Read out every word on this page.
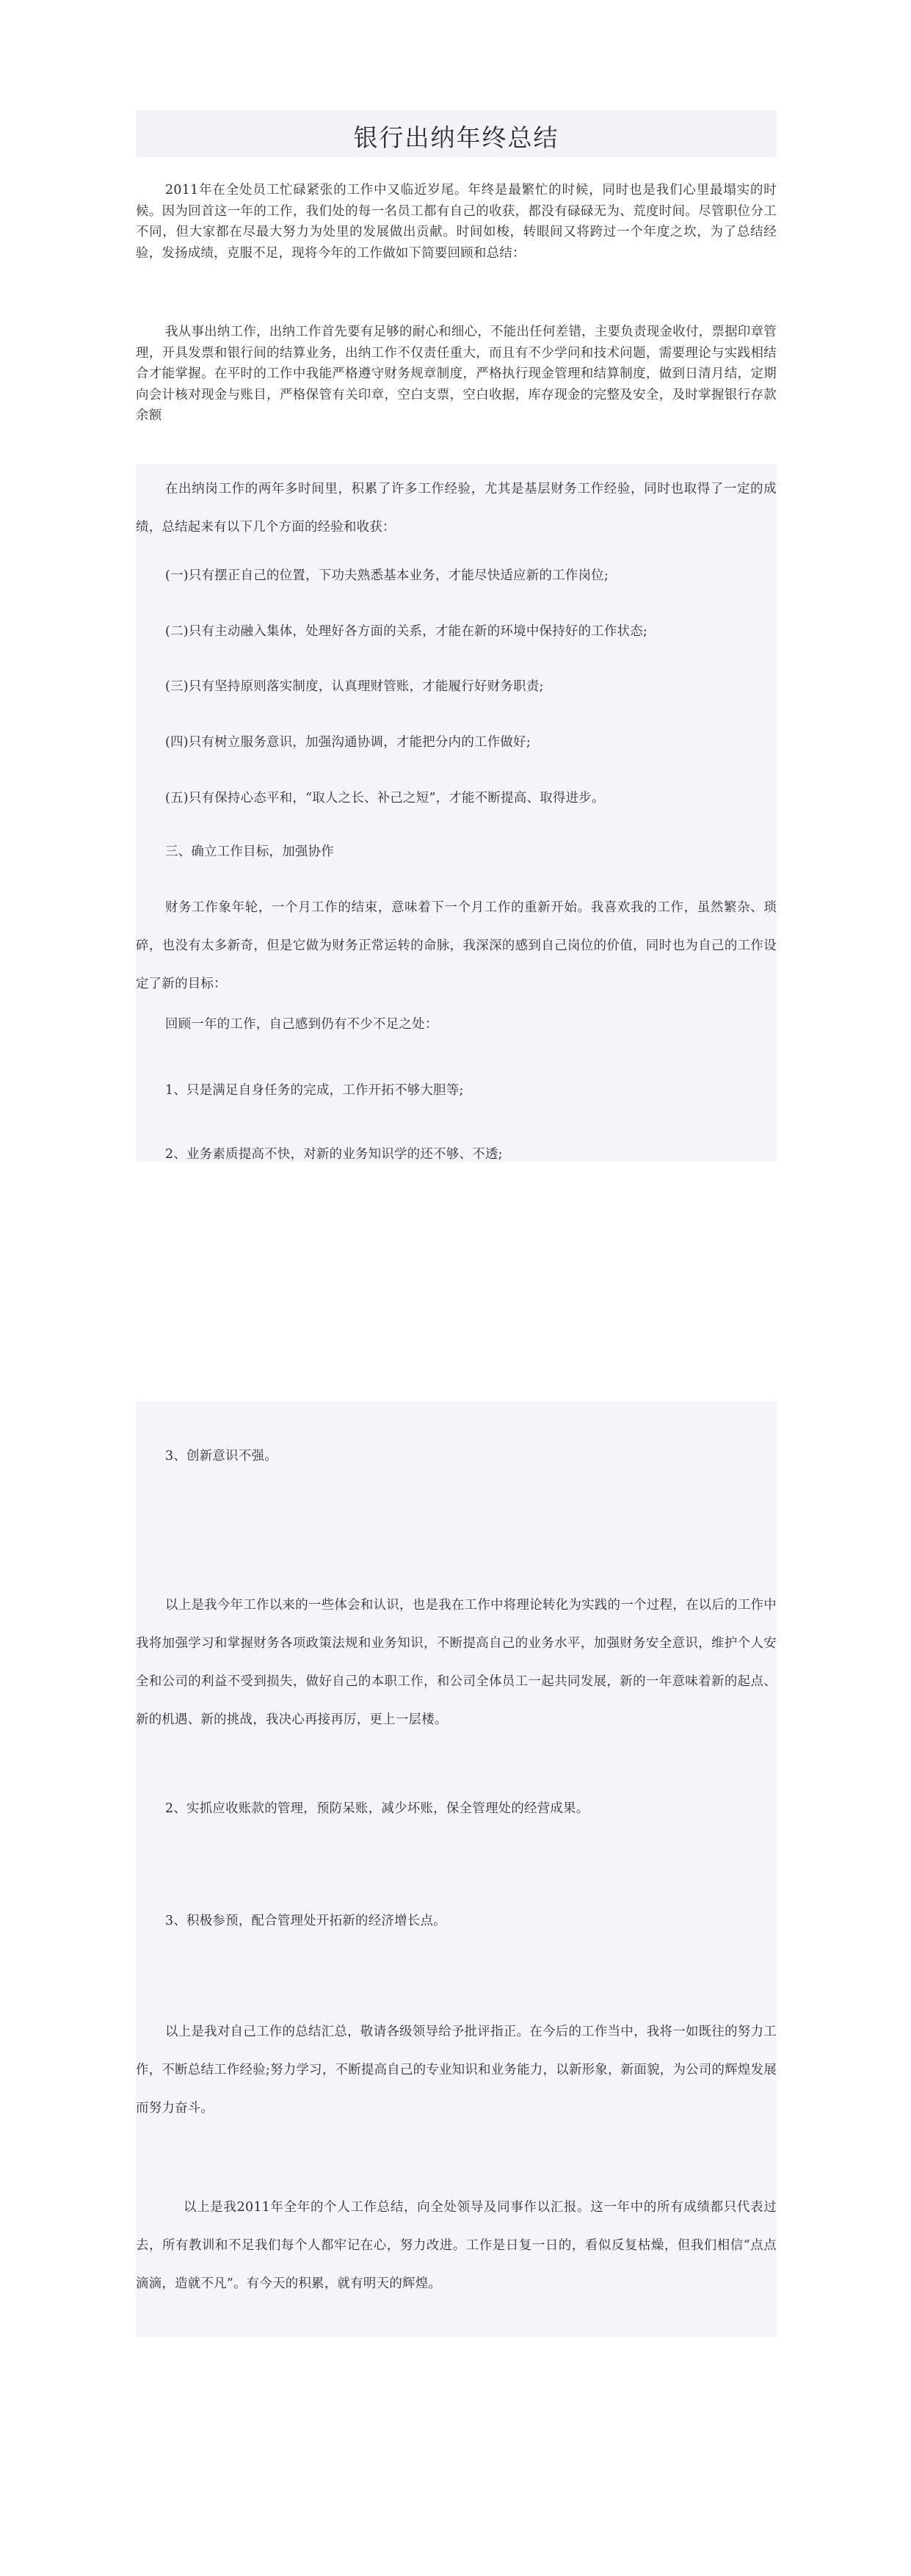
银行出纳年终总结
2011年在全处员工忙碌紧张的工作中又临近岁尾。年终是最繁忙的时候，同时也是我们心里最塌实的时候。因为回首这一年的工作，我们处的每一名员工都有自己的收获，都没有碌碌无为、荒度时间。尽管职位分工不同，但大家都在尽最大努力为处里的发展做出贡献。时间如梭，转眼间又将跨过一个年度之坎，为了总结经验，发扬成绩，克服不足，现将今年的工作做如下简要回顾和总结：
我从事出纳工作，出纳工作首先要有足够的耐心和细心，不能出任何差错，主要负责现金收付，票据印章管理，开具发票和银行间的结算业务，出纳工作不仅责任重大，而且有不少学问和技术问题，需要理论与实践相结合才能掌握。在平时的工作中我能严格遵守财务规章制度，严格执行现金管理和结算制度，做到日清月结，定期向会计核对现金与账目，严格保管有关印章，空白支票，空白收据，库存现金的完整及安全，及时掌握银行存款余额
在出纳岗工作的两年多时间里，积累了许多工作经验，尤其是基层财务工作经验，同时也取得了一定的成绩，总结起来有以下几个方面的经验和收获：
(一)只有摆正自己的位置，下功夫熟悉基本业务，才能尽快适应新的工作岗位;
(二)只有主动融入集体，处理好各方面的关系，才能在新的环境中保持好的工作状态;
(三)只有坚持原则落实制度，认真理财管账，才能履行好财务职责;
(四)只有树立服务意识，加强沟通协调，才能把分内的工作做好;
(五)只有保持心态平和，“取人之长、补己之短”，才能不断提高、取得进步。
三、确立工作目标，加强协作
财务工作象年轮，一个月工作的结束，意味着下一个月工作的重新开始。我喜欢我的工作，虽然繁杂、琐碎，也没有太多新奇，但是它做为财务正常运转的命脉，我深深的感到自己岗位的价值，同时也为自己的工作设定了新的目标：
回顾一年的工作，自己感到仍有不少不足之处：
1、只是满足自身任务的完成，工作开拓不够大胆等;
2、业务素质提高不快，对新的业务知识学的还不够、不透;
3、创新意识不强。
以上是我今年工作以来的一些体会和认识，也是我在工作中将理论转化为实践的一个过程，在以后的工作中我将加强学习和掌握财务各项政策法规和业务知识，不断提高自己的业务水平，加强财务安全意识，维护个人安全和公司的利益不受到损失，做好自己的本职工作，和公司全体员工一起共同发展，新的一年意味着新的起点、新的机遇、新的挑战，我决心再接再厉，更上一层楼。
2、实抓应收账款的管理，预防呆账，减少坏账，保全管理处的经营成果。
3、积极参预，配合管理处开拓新的经济增长点。
以上是我对自己工作的总结汇总，敬请各级领导给予批评指正。在今后的工作当中，我将一如既往的努力工作，不断总结工作经验;努力学习，不断提高自己的专业知识和业务能力，以新形象，新面貌，为公司的辉煌发展而努力奋斗。
以上是我2011年全年的个人工作总结，向全处领导及同事作以汇报。这一年中的所有成绩都只代表过去，所有教训和不足我们每个人都牢记在心，努力改进。工作是日复一日的，看似反复枯燥，但我们相信“点点滴滴，造就不凡”。有今天的积累，就有明天的辉煌。
